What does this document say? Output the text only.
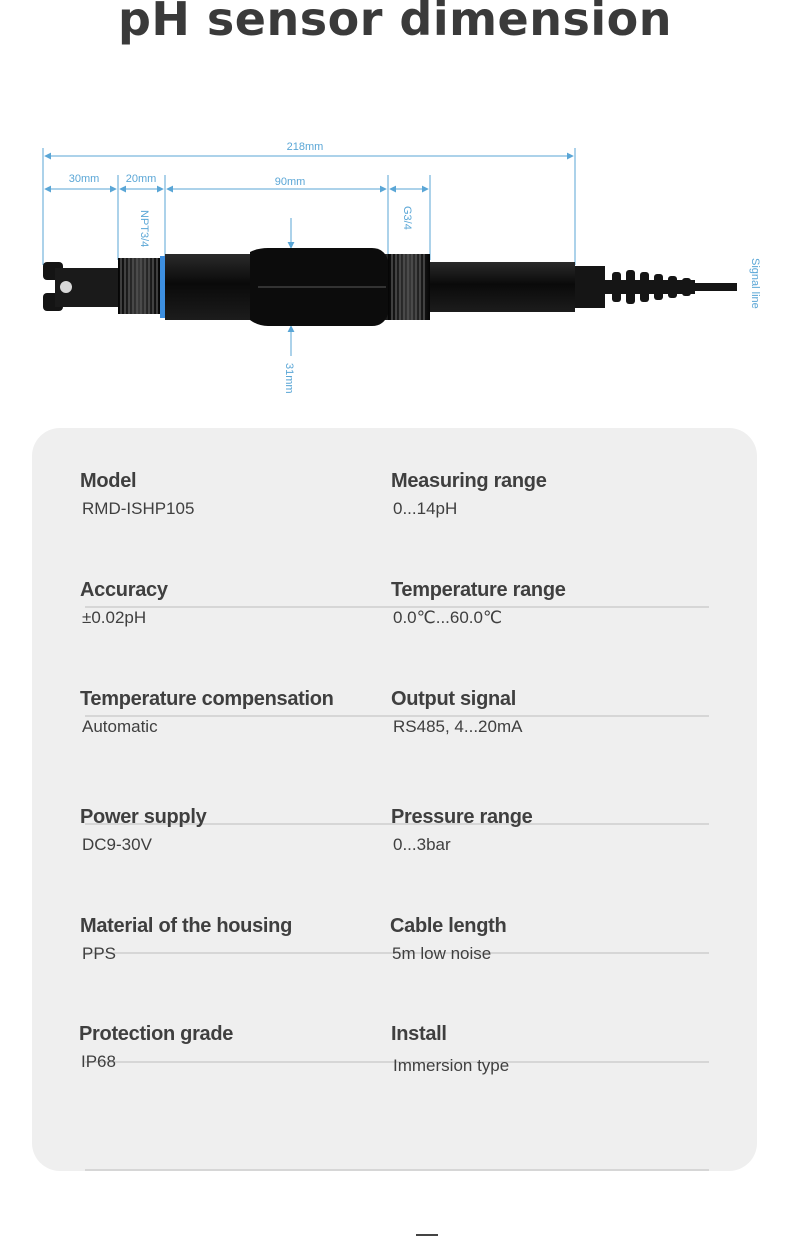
pH sensor dimension
218mm
30mm 20mm	90mm
NPT3/4	G3/4
31mm
Signal line

Model

RMD-ISHP105

Measuring range

0...14pH

Accuracy

±0.02pH

Temperature range

0.0℃...60.0℃

Temperature compensation

Automatic

Output signal

RS485, 4...20mA

Power supply

DC9-30V

Pressure range

0...3bar

Material of the housing

PPS

Cable length

5m low noise

Protection grade

IP68

Install

Immersion type
